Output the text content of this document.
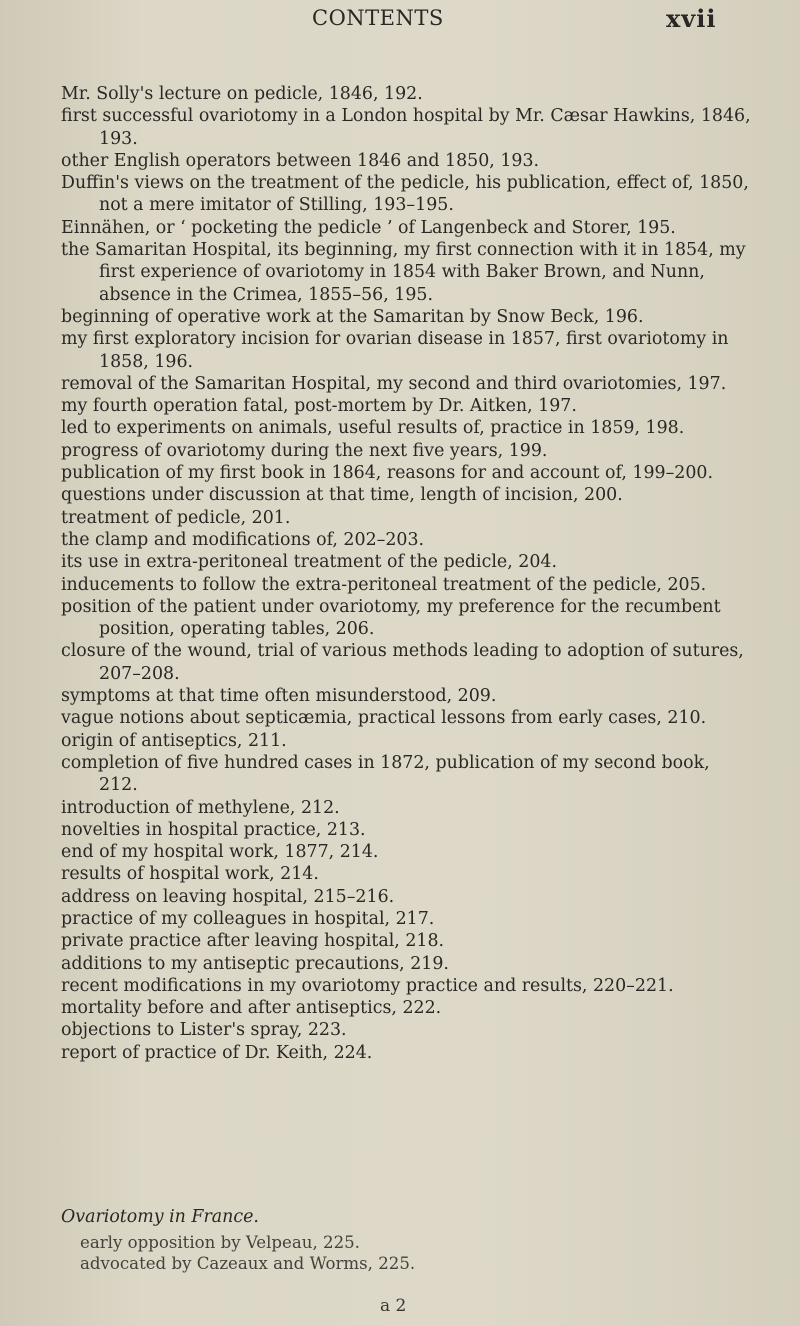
CONTENTS	xvii
Mr. Solly's lecture on pedicle, 1846, 192.
first successful ovariotomy in a London hospital by Mr. Cæsar Hawkins, 1846, 193.
other English operators between 1846 and 1850, 193.
Duffin's views on the treatment of the pedicle, his publication, effect of, 1850, not a mere imitator of Stilling, 193–195.
Einnähen, or ‘ pocketing the pedicle ’ of Langenbeck and Storer, 195.
the Samaritan Hospital, its beginning, my first connection with it in 1854, my first experience of ovariotomy in 1854 with Baker Brown, and Nunn, absence in the Crimea, 1855–56, 195.
beginning of operative work at the Samaritan by Snow Beck, 196.
my first exploratory incision for ovarian disease in 1857, first ovariotomy in 1858, 196.
removal of the Samaritan Hospital, my second and third ovariotomies, 197.
my fourth operation fatal, post-mortem by Dr. Aitken, 197.
led to experiments on animals, useful results of, practice in 1859, 198.
progress of ovariotomy during the next five years, 199.
publication of my first book in 1864, reasons for and account of, 199–200.
questions under discussion at that time, length of incision, 200.
treatment of pedicle, 201.
the clamp and modifications of, 202–203.
its use in extra-peritoneal treatment of the pedicle, 204.
inducements to follow the extra-peritoneal treatment of the pedicle, 205.
position of the patient under ovariotomy, my preference for the recumbent position, operating tables, 206.
closure of the wound, trial of various methods leading to adoption of sutures, 207–208.
symptoms at that time often misunderstood, 209.
vague notions about septicæmia, practical lessons from early cases, 210.
origin of antiseptics, 211.
completion of five hundred cases in 1872, publication of my second book, 212.
introduction of methylene, 212.
novelties in hospital practice, 213.
end of my hospital work, 1877, 214.
results of hospital work, 214.
address on leaving hospital, 215–216.
practice of my colleagues in hospital, 217.
private practice after leaving hospital, 218.
additions to my antiseptic precautions, 219.
recent modifications in my ovariotomy practice and results, 220–221.
mortality before and after antiseptics, 222.
objections to Lister's spray, 223.
report of practice of Dr. Keith, 224.
Ovariotomy in France.
early opposition by Velpeau, 225.
advocated by Cazeaux and Worms, 225.
a 2
